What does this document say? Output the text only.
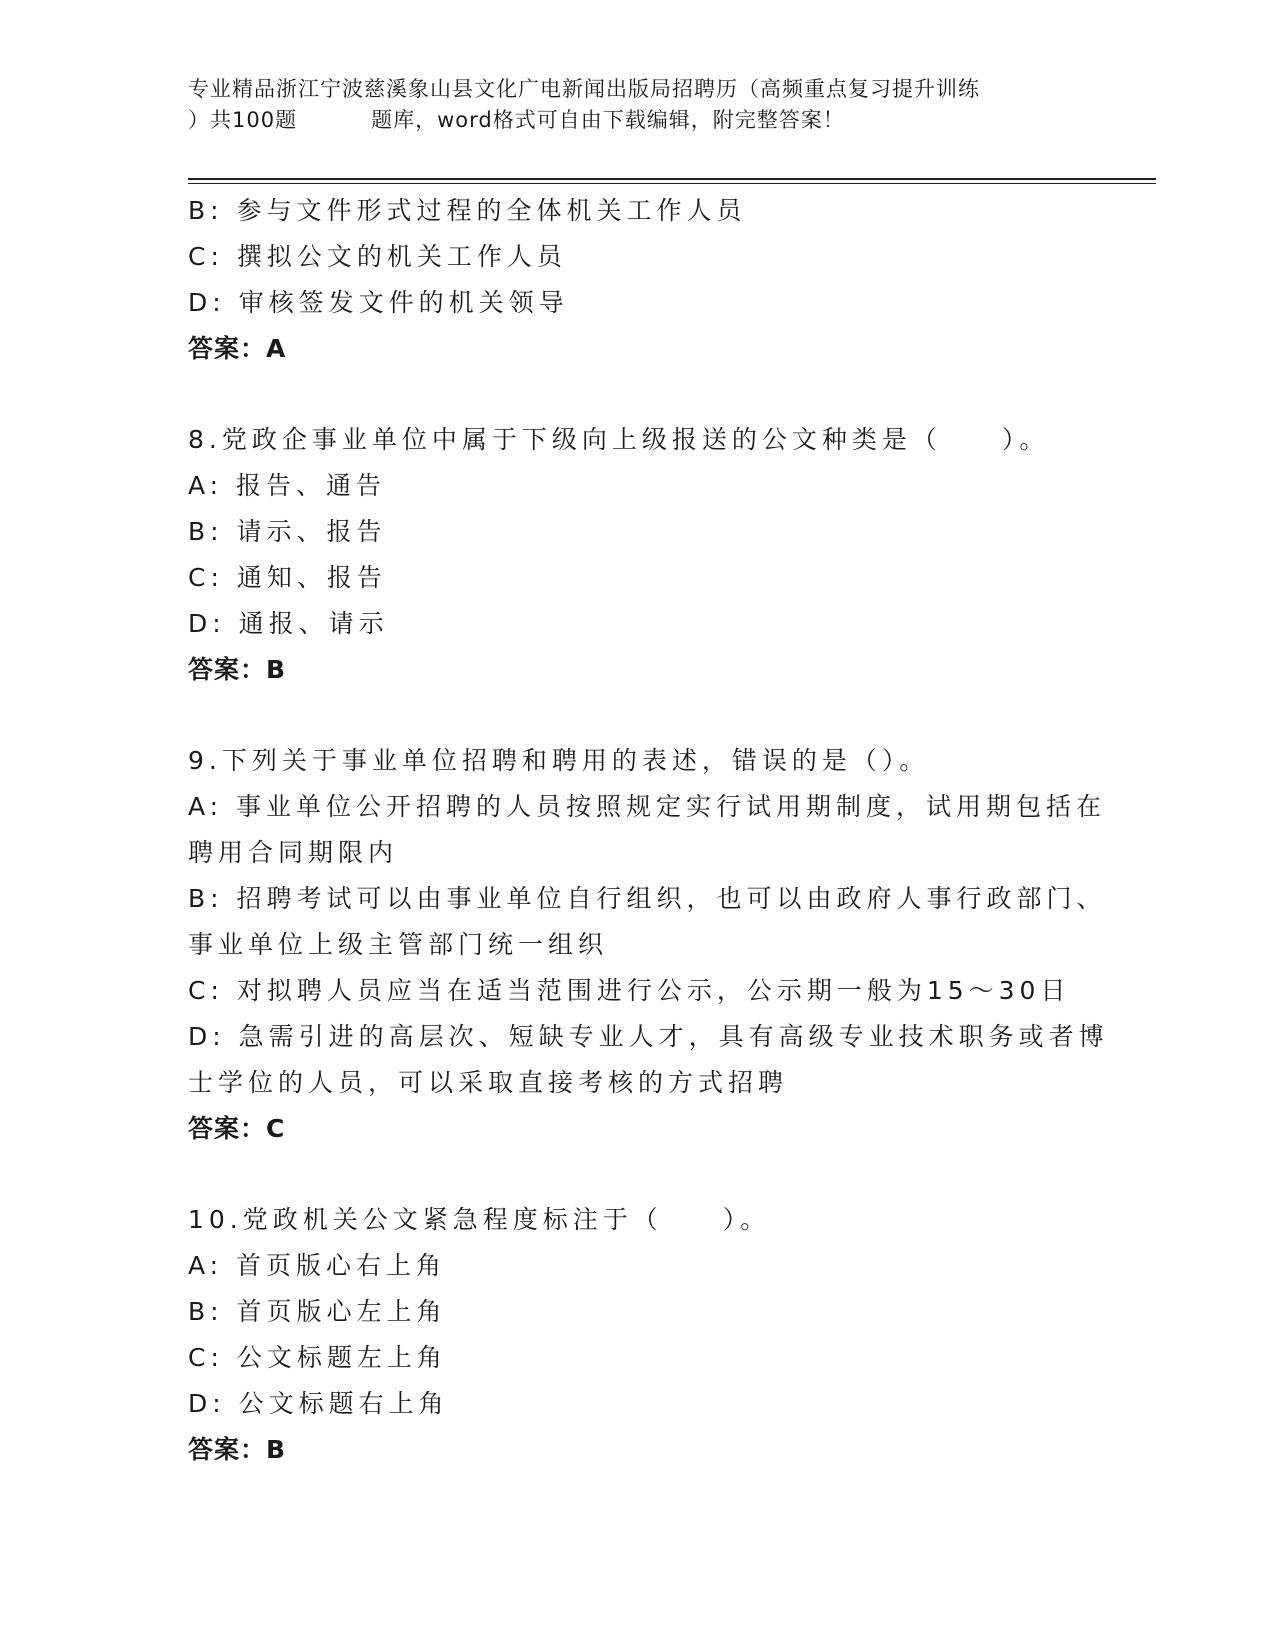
专业精品浙江宁波慈溪象山县文化广电新闻出版局招聘历（高频重点复习提升训练
）共100题	题库，word格式可自由下载编辑，附完整答案！
B: 参与文件形式过程的全体机关工作人员
C: 撰拟公文的机关工作人员
D: 审核签发文件的机关领导
答案：A
8.党政企事业单位中属于下级向上级报送的公文种类是（　　）。
A: 报告、通告
B: 请示、报告
C: 通知、报告
D: 通报、请示
答案：B
9.下列关于事业单位招聘和聘用的表述，错误的是（）。
A: 事业单位公开招聘的人员按照规定实行试用期制度，试用期包括在
聘用合同期限内
B: 招聘考试可以由事业单位自行组织，也可以由政府人事行政部门、
事业单位上级主管部门统一组织
C: 对拟聘人员应当在适当范围进行公示，公示期一般为15～30日
D: 急需引进的高层次、短缺专业人才，具有高级专业技术职务或者博
士学位的人员，可以采取直接考核的方式招聘
答案：C
10.党政机关公文紧急程度标注于（　　）。
A: 首页版心右上角
B: 首页版心左上角
C: 公文标题左上角
D: 公文标题右上角
答案：B
